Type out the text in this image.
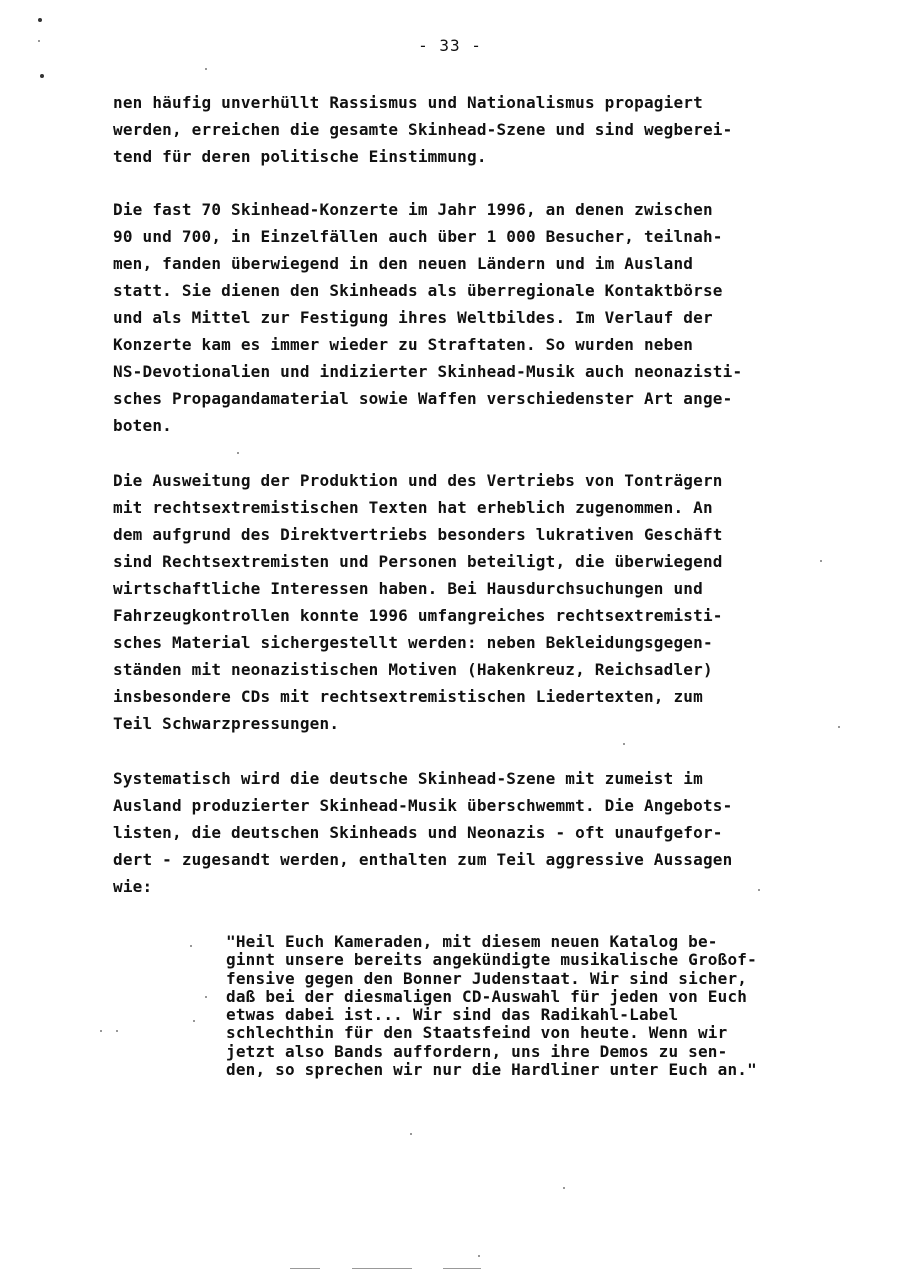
- 33 -
nen häufig unverhüllt Rassismus und Nationalismus propagiert
werden, erreichen die gesamte Skinhead-Szene und sind wegberei-
tend für deren politische Einstimmung.
Die fast 70 Skinhead-Konzerte im Jahr 1996, an denen zwischen
90 und 700, in Einzelfällen auch über 1 000 Besucher, teilnah-
men, fanden überwiegend in den neuen Ländern und im Ausland
statt. Sie dienen den Skinheads als überregionale Kontaktbörse
und als Mittel zur Festigung ihres Weltbildes. Im Verlauf der
Konzerte kam es immer wieder zu Straftaten. So wurden neben
NS-Devotionalien und indizierter Skinhead-Musik auch neonazisti-
sches Propagandamaterial sowie Waffen verschiedenster Art ange-
boten.
Die Ausweitung der Produktion und des Vertriebs von Tonträgern
mit rechtsextremistischen Texten hat erheblich zugenommen. An
dem aufgrund des Direktvertriebs besonders lukrativen Geschäft
sind Rechtsextremisten und Personen beteiligt, die überwiegend
wirtschaftliche Interessen haben. Bei Hausdurchsuchungen und
Fahrzeugkontrollen konnte 1996 umfangreiches rechtsextremisti-
sches Material sichergestellt werden: neben Bekleidungsgegen-
ständen mit neonazistischen Motiven (Hakenkreuz, Reichsadler)
insbesondere CDs mit rechtsextremistischen Liedertexten, zum
Teil Schwarzpressungen.
Systematisch wird die deutsche Skinhead-Szene mit zumeist im
Ausland produzierter Skinhead-Musik überschwemmt. Die Angebots-
listen, die deutschen Skinheads und Neonazis - oft unaufgefor-
dert - zugesandt werden, enthalten zum Teil aggressive Aussagen
wie:
"Heil Euch Kameraden, mit diesem neuen Katalog be-
ginnt unsere bereits angekündigte musikalische Großof-
fensive gegen den Bonner Judenstaat. Wir sind sicher,
daß bei der diesmaligen CD-Auswahl für jeden von Euch
etwas dabei ist... Wir sind das Radikahl-Label
schlechthin für den Staatsfeind von heute. Wenn wir
jetzt also Bands auffordern, uns ihre Demos zu sen-
den, so sprechen wir nur die Hardliner unter Euch an."
